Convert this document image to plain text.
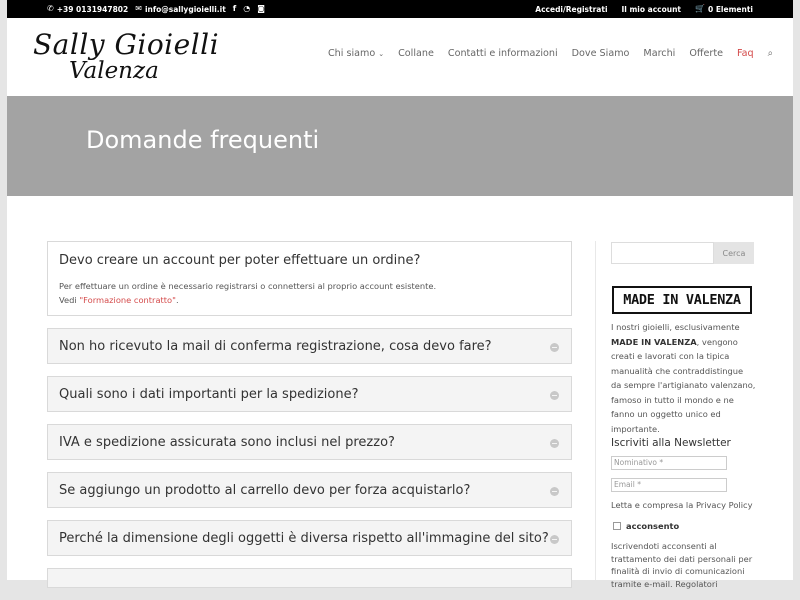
✆ +39 0131947802 ✉ info@sallygioielli.it f ◔ ◙	Accedi/Registrati Il mio account 🛒 0 Elementi
Sally Gioielli
Valenza
Chi siamo ⌄ Collane Contatti e informazioni Dove Siamo Marchi Offerte Faq ⌕
Domande frequenti
Devo creare un account per poter effettuare un ordine?
Per effettuare un ordine è necessario registrarsi o connettersi al proprio account esistente.
Vedi "Formazione contratto".
Non ho ricevuto la mail di conferma registrazione, cosa devo fare?
Quali sono i dati importanti per la spedizione?
IVA e spedizione assicurata sono inclusi nel prezzo?
Se aggiungo un prodotto al carrello devo per forza acquistarlo?
Perché la dimensione degli oggetti è diversa rispetto all'immagine del sito?
Cerca
MADE IN VALENZA
I nostri gioielli, esclusivamente MADE IN VALENZA, vengono creati e lavorati con la tipica manualità che contraddistingue da sempre l'artigianato valenzano, famoso in tutto il mondo e ne fanno un oggetto unico ed importante.
Iscriviti alla Newsletter
Nominativo *
Email *
Letta e compresa la Privacy Policy
acconsento
Iscrivendoti acconsenti al trattamento dei dati personali per finalità di invio di comunicazioni tramite e-mail. Regolatori
